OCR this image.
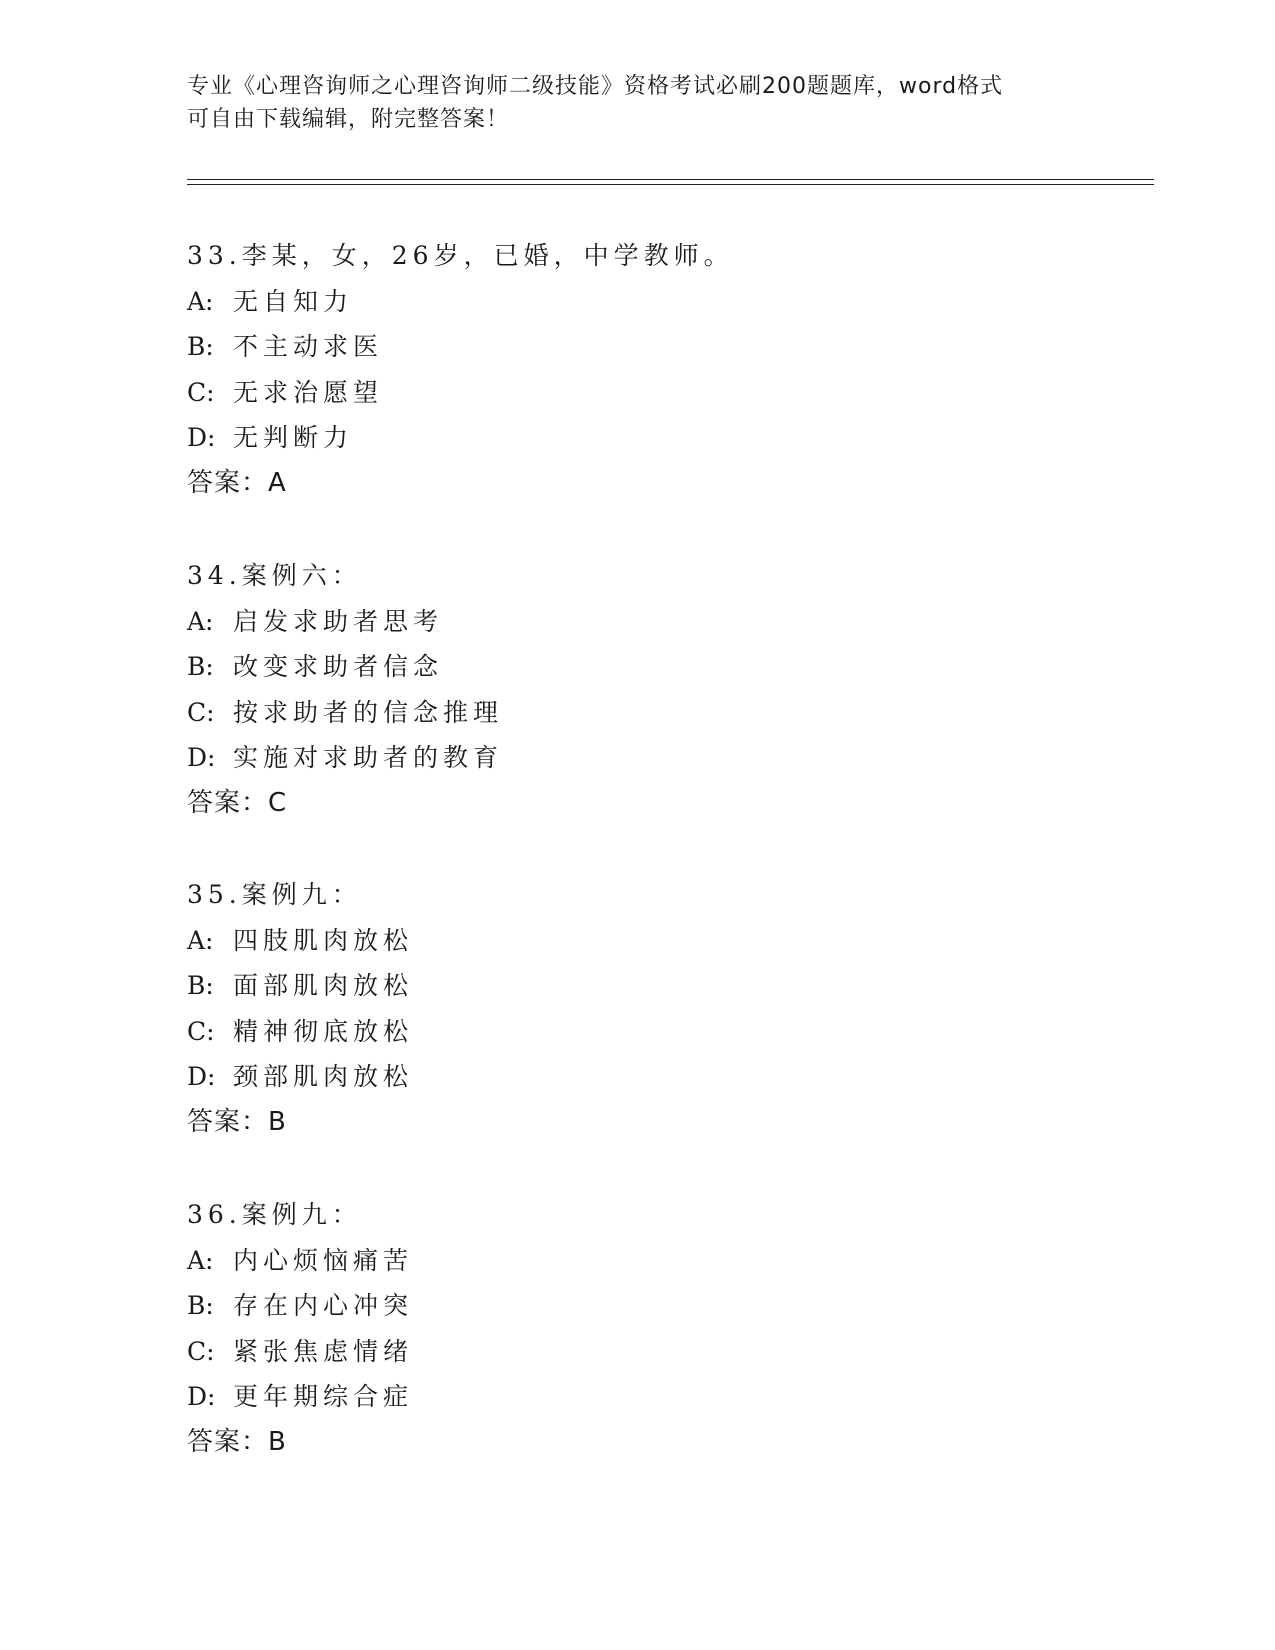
专业《心理咨询师之心理咨询师二级技能》资格考试必刷200题题库，word格式
可自由下载编辑，附完整答案！
33.李某，女，26岁，已婚，中学教师。
A: 无自知力
B: 不主动求医
C: 无求治愿望
D: 无判断力
答案：A
34.案例六：
A: 启发求助者思考
B: 改变求助者信念
C: 按求助者的信念推理
D: 实施对求助者的教育
答案：C
35.案例九：
A: 四肢肌肉放松
B: 面部肌肉放松
C: 精神彻底放松
D: 颈部肌肉放松
答案：B
36.案例九：
A: 内心烦恼痛苦
B: 存在内心冲突
C: 紧张焦虑情绪
D: 更年期综合症
答案：B
